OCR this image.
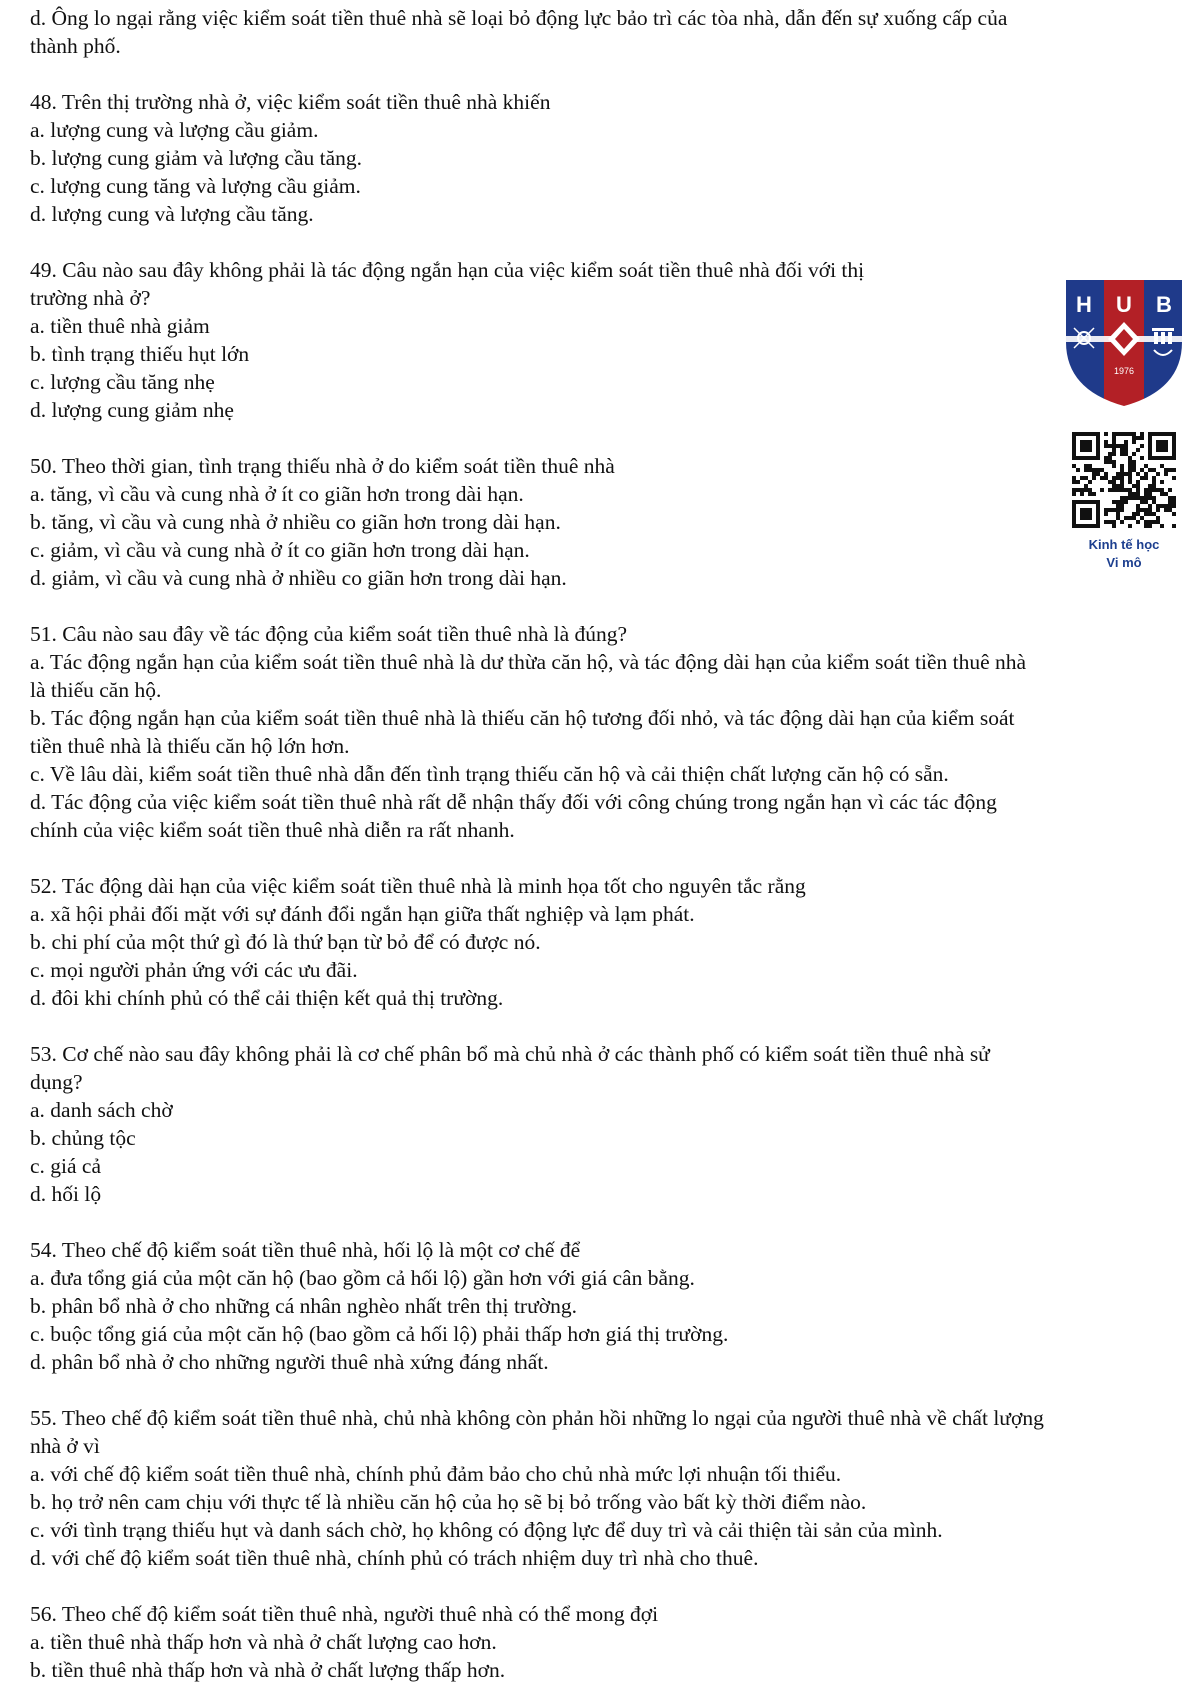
d. Ông lo ngại rằng việc kiểm soát tiền thuê nhà sẽ loại bỏ động lực bảo trì các tòa nhà, dẫn đến sự xuống cấp của
thành phố.
48. Trên thị trường nhà ở, việc kiểm soát tiền thuê nhà khiến
a. lượng cung và lượng cầu giảm.
b. lượng cung giảm và lượng cầu tăng.
c. lượng cung tăng và lượng cầu giảm.
d. lượng cung và lượng cầu tăng.
49. Câu nào sau đây không phải là tác động ngắn hạn của việc kiểm soát tiền thuê nhà đối với thị
trường nhà ở?
a. tiền thuê nhà giảm
b. tình trạng thiếu hụt lớn
c. lượng cầu tăng nhẹ
d. lượng cung giảm nhẹ
50. Theo thời gian, tình trạng thiếu nhà ở do kiểm soát tiền thuê nhà
a. tăng, vì cầu và cung nhà ở ít co giãn hơn trong dài hạn.
b. tăng, vì cầu và cung nhà ở nhiều co giãn hơn trong dài hạn.
c. giảm, vì cầu và cung nhà ở ít co giãn hơn trong dài hạn.
d. giảm, vì cầu và cung nhà ở nhiều co giãn hơn trong dài hạn.
51. Câu nào sau đây về tác động của kiểm soát tiền thuê nhà là đúng?
a. Tác động ngắn hạn của kiểm soát tiền thuê nhà là dư thừa căn hộ, và tác động dài hạn của kiểm soát tiền thuê nhà
là thiếu căn hộ.
b. Tác động ngắn hạn của kiểm soát tiền thuê nhà là thiếu căn hộ tương đối nhỏ, và tác động dài hạn của kiểm soát
tiền thuê nhà là thiếu căn hộ lớn hơn.
c. Về lâu dài, kiểm soát tiền thuê nhà dẫn đến tình trạng thiếu căn hộ và cải thiện chất lượng căn hộ có sẵn.
d. Tác động của việc kiểm soát tiền thuê nhà rất dễ nhận thấy đối với công chúng trong ngắn hạn vì các tác động
chính của việc kiểm soát tiền thuê nhà diễn ra rất nhanh.
52. Tác động dài hạn của việc kiểm soát tiền thuê nhà là minh họa tốt cho nguyên tắc rằng
a. xã hội phải đối mặt với sự đánh đổi ngắn hạn giữa thất nghiệp và lạm phát.
b. chi phí của một thứ gì đó là thứ bạn từ bỏ để có được nó.
c. mọi người phản ứng với các ưu đãi.
d. đôi khi chính phủ có thể cải thiện kết quả thị trường.
53. Cơ chế nào sau đây không phải là cơ chế phân bổ mà chủ nhà ở các thành phố có kiểm soát tiền thuê nhà sử
dụng?
a. danh sách chờ
b. chủng tộc
c. giá cả
d. hối lộ
54. Theo chế độ kiểm soát tiền thuê nhà, hối lộ là một cơ chế để
a. đưa tổng giá của một căn hộ (bao gồm cả hối lộ) gần hơn với giá cân bằng.
b. phân bổ nhà ở cho những cá nhân nghèo nhất trên thị trường.
c. buộc tổng giá của một căn hộ (bao gồm cả hối lộ) phải thấp hơn giá thị trường.
d. phân bổ nhà ở cho những người thuê nhà xứng đáng nhất.
55. Theo chế độ kiểm soát tiền thuê nhà, chủ nhà không còn phản hồi những lo ngại của người thuê nhà về chất lượng
nhà ở vì
a. với chế độ kiểm soát tiền thuê nhà, chính phủ đảm bảo cho chủ nhà mức lợi nhuận tối thiểu.
b. họ trở nên cam chịu với thực tế là nhiều căn hộ của họ sẽ bị bỏ trống vào bất kỳ thời điểm nào.
c. với tình trạng thiếu hụt và danh sách chờ, họ không có động lực để duy trì và cải thiện tài sản của mình.
d. với chế độ kiểm soát tiền thuê nhà, chính phủ có trách nhiệm duy trì nhà cho thuê.
56. Theo chế độ kiểm soát tiền thuê nhà, người thuê nhà có thể mong đợi
a. tiền thuê nhà thấp hơn và nhà ở chất lượng cao hơn.
b. tiền thuê nhà thấp hơn và nhà ở chất lượng thấp hơn.
H U B
1976
Kinh tế học
Vi mô
